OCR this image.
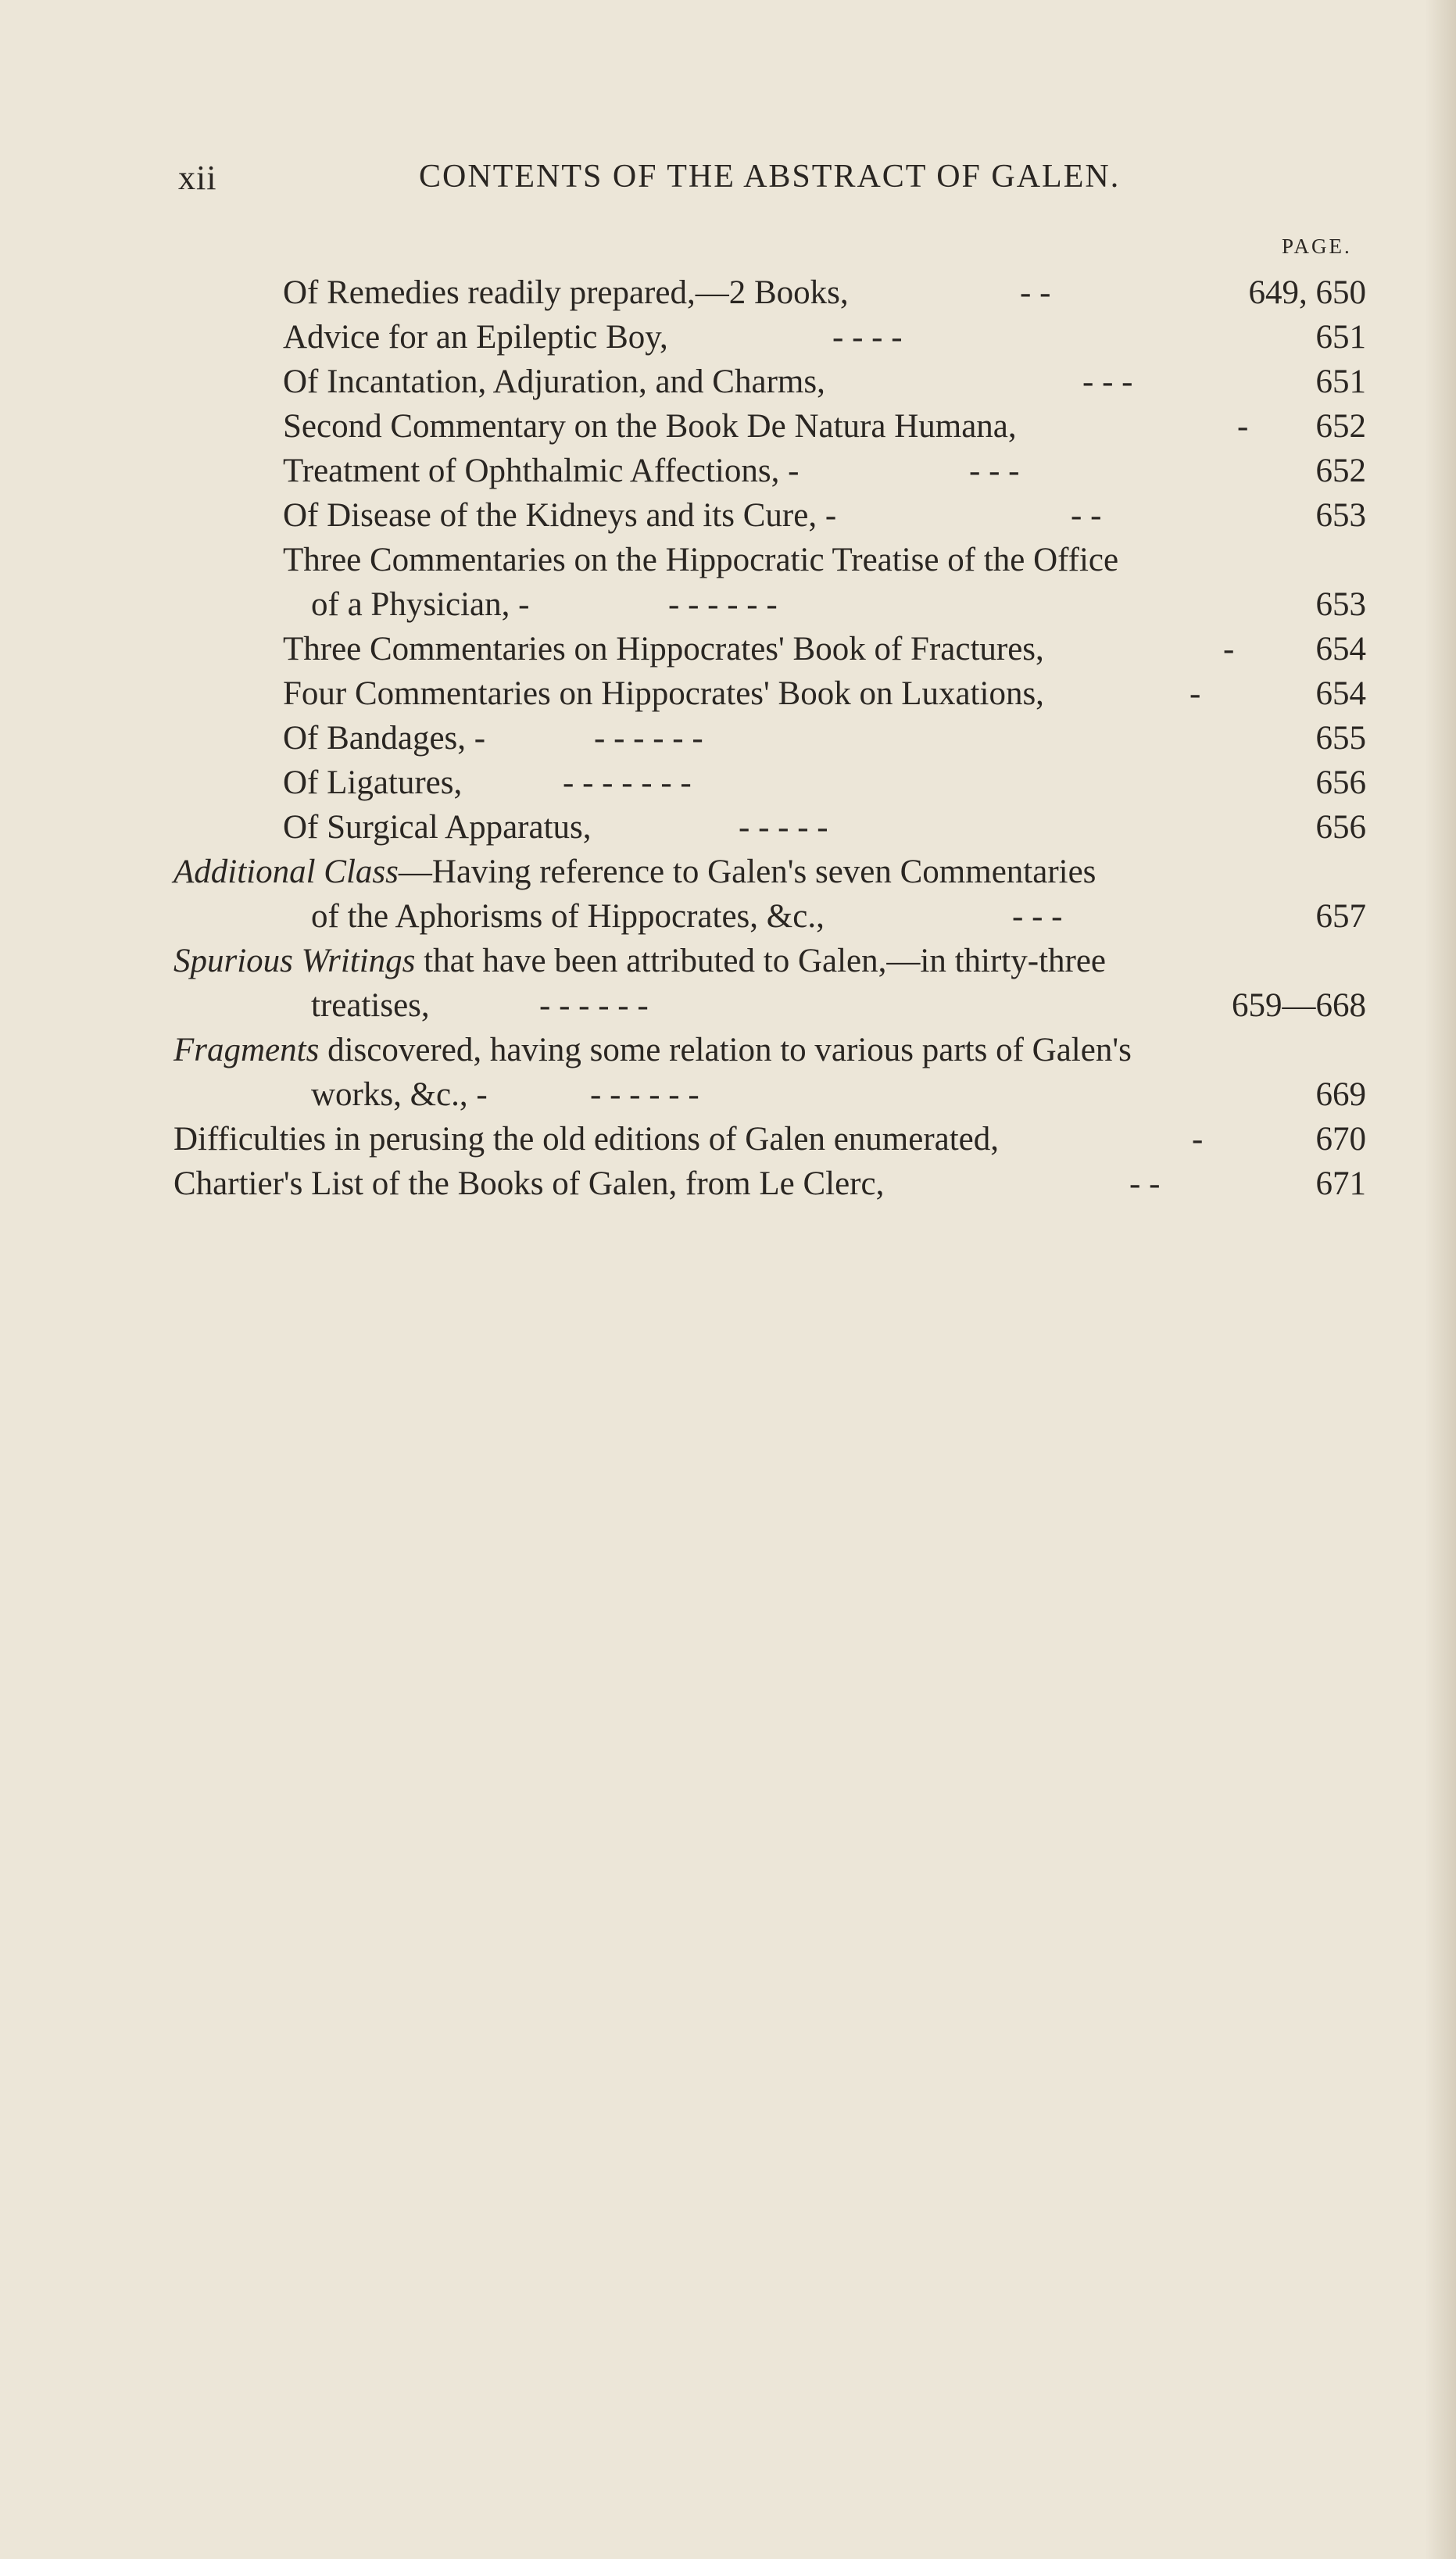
xii	CONTENTS OF THE ABSTRACT OF GALEN.
PAGE.
Of Remedies readily prepared,—2 Books,	- -	649, 650
Advice for an Epileptic Boy,	- - - -	651
Of Incantation, Adjuration, and Charms,	- - -	651
Second Commentary on the Book De Natura Humana,	- 652
Treatment of Ophthalmic Affections, -	- - -	652
Of Disease of the Kidneys and its Cure, -	- -	653
Three Commentaries on the Hippocratic Treatise of the Office
of a Physician, -	- - - - - -	653
Three Commentaries on Hippocrates' Book of Fractures,	- 654
Four Commentaries on Hippocrates' Book on Luxations,	-	654
Of Bandages, -	- - - - - -	655
Of Ligatures,	- - - - - - -	656
Of Surgical Apparatus,	- - - - -	656
Additional Class—Having reference to Galen's seven Commentaries
of the Aphorisms of Hippocrates, &c.,	- - -	657
Spurious Writings that have been attributed to Galen,—in thirty-three
treatises,	- - - - - -	659—668
Fragments discovered, having some relation to various parts of Galen's
works, &c., -	- - - - - -	669
Difficulties in perusing the old editions of Galen enumerated,	-	670
Chartier's List of the Books of Galen, from Le Clerc,	- -	671
